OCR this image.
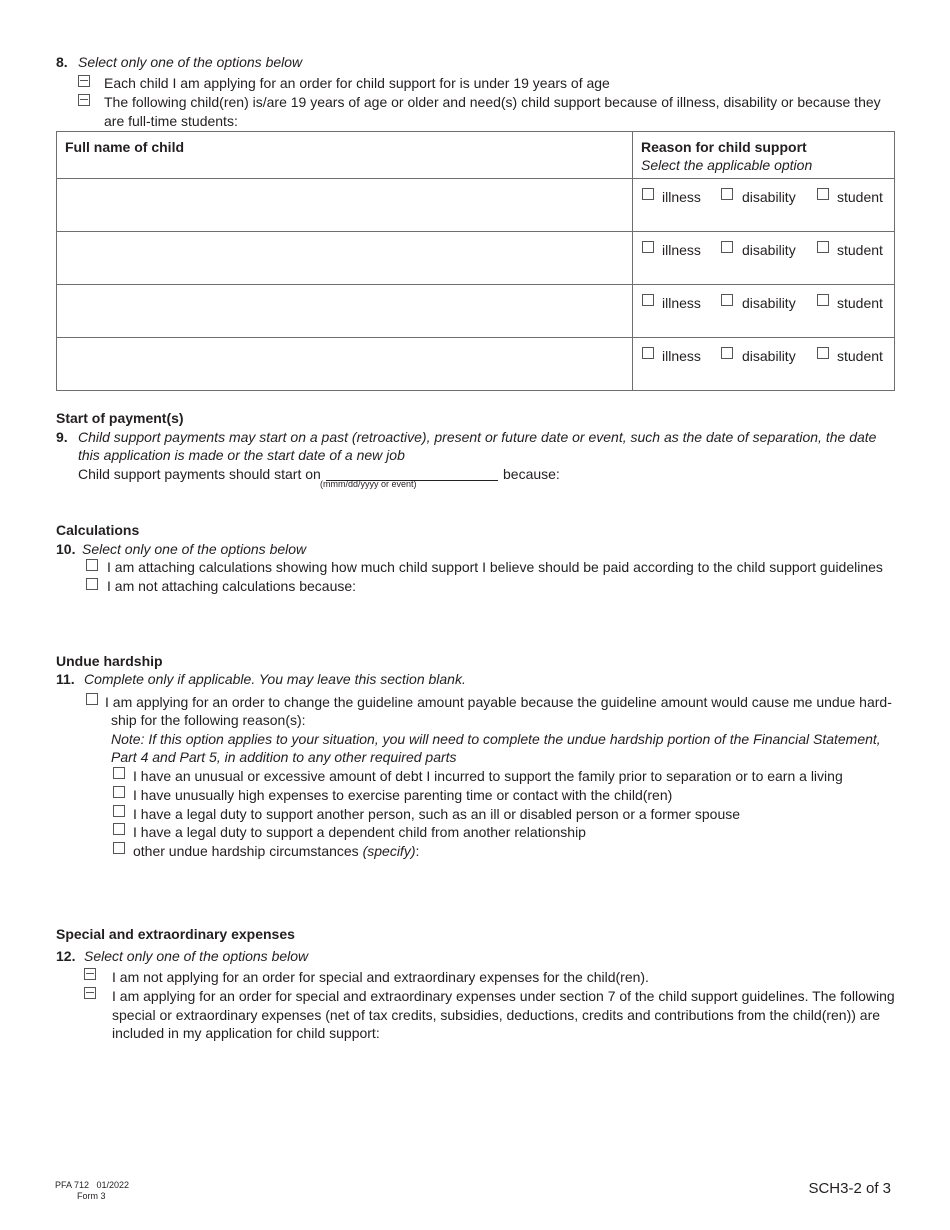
8. Select only one of the options below
Each child I am applying for an order for child support for is under 19 years of age
The following child(ren) is/are 19 years of age or older and need(s) child support because of illness, disability or because they
are full-time students:
Full name of child	Reason for child support
Select the applicable option

	illness disability student

	illness disability student

	illness disability student

	illness disability student
Start of payment(s)
9. Child support payments may start on a past (retroactive), present or future date or event, such as the date of separation, the date
this application is made or the start date of a new job
Child support payments should start on
(mmm/dd/yyyy or event)
because:
Calculations
10. Select only one of the options below
I am attaching calculations showing how much child support I believe should be paid according to the child support guidelines
I am not attaching calculations because:
Undue hardship
11. Complete only if applicable. You may leave this section blank.
I am applying for an order to change the guideline amount payable because the guideline amount would cause me undue hard-
ship for the following reason(s):
Note: If this option applies to your situation, you will need to complete the undue hardship portion of the Financial Statement,
Part 4 and Part 5, in addition to any other required parts
I have an unusual or excessive amount of debt I incurred to support the family prior to separation or to earn a living
I have unusually high expenses to exercise parenting time or contact with the child(ren)
I have a legal duty to support another person, such as an ill or disabled person or a former spouse
I have a legal duty to support a dependent child from another relationship
other undue hardship circumstances (specify):
Special and extraordinary expenses
12. Select only one of the options below
I am not applying for an order for special and extraordinary expenses for the child(ren).
I am applying for an order for special and extraordinary expenses under section 7 of the child support guidelines. The following
special or extraordinary expenses (net of tax credits, subsidies, deductions, credits and contributions from the child(ren)) are
included in my application for child support:
PFA 712   01/2022
Form 3	SCH3-2 of 3
